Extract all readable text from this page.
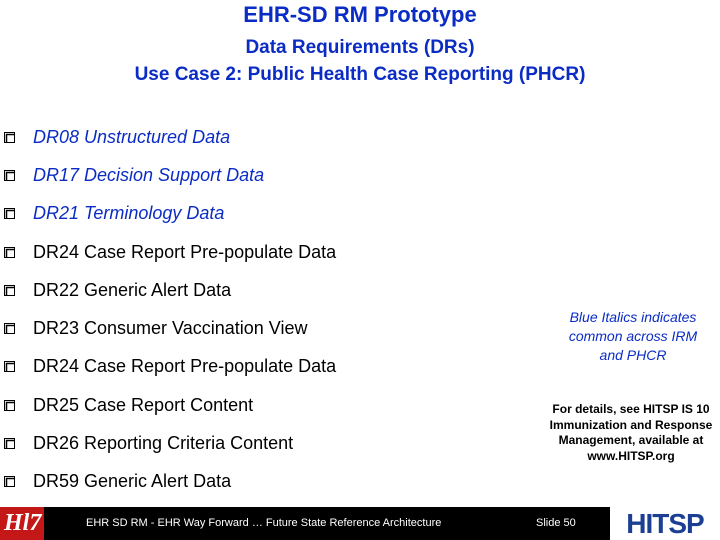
EHR-SD RM Prototype
Data Requirements (DRs)
Use Case 2: Public Health Case Reporting (PHCR)
DR08 Unstructured Data
DR17 Decision Support Data
DR21 Terminology Data
DR24 Case Report Pre-populate Data
DR22 Generic Alert Data
DR23 Consumer Vaccination View
DR24 Case Report Pre-populate Data
DR25 Case Report Content
DR26 Reporting Criteria Content
DR59 Generic Alert Data
Blue Italics indicates common across IRM and PHCR
For details, see HITSP IS 10 Immunization and Response Management, available at www.HITSP.org
Hl7	EHR SD RM - EHR Way Forward … Future State Reference Architecture	Slide 50 HITSP
